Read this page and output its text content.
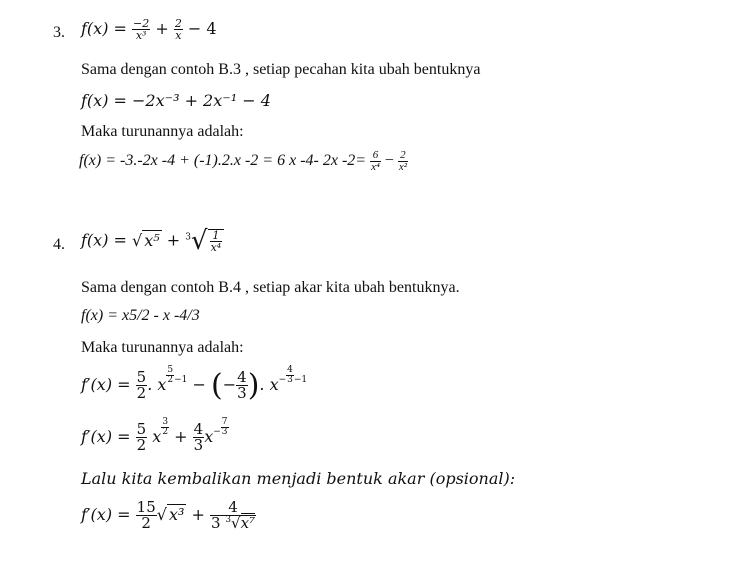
3. $f(x) = \frac{-2}{\text{x³}} + \frac{2}{x} - 4$
Sama dengan contoh B.3 , setiap pecahan kita ubah bentuknya
f(x) = −2x⁻³ + 2x⁻¹ − 4
Maka turunannya adalah:
f(x) = -3.-2x -4 + (-1).2.x -2 = 6 x -4- 2x $-2= \frac{6}{\text{x⁴}} - \frac{2}{\text{x²}}$
4. f(x) = √ $x^5 + ^3√ \frac{1}{\text{x⁴}}$
Sama dengan contoh B.4 , setiap akar kita ubah bentuknya.
f(x) = x5/2 - x -4/3
Maka turunannya adalah:
$f'(x) = \frac{5}{2}$ . x $\frac{5}{2} ^{-1}$ − (− $\frac{4}{3}$ ). $x^- \frac{4}{3} ^{-1}$
$f'(x) = \frac{5}{2}$ x $\frac{3}{2} + \frac{4}{3} x^- \frac{7}{3}$
Lalu kita kembalikan menjadi bentuk akar (opsional):
$f'(x) = \frac{15}{2}$ √ $x^3 + \frac{4}{3 ^3√x^7}$
